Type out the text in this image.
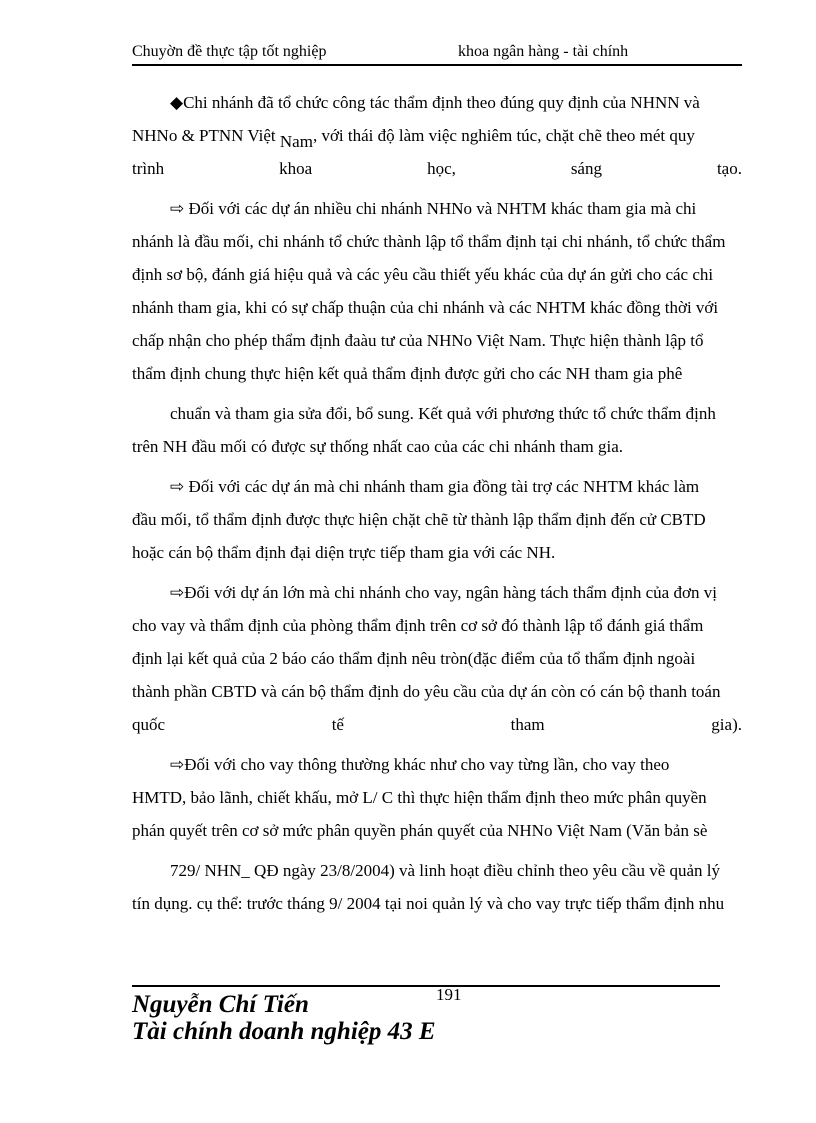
Chuyờn đề thực tập tốt nghiệp	khoa ngân hàng - tài chính
◆Chi nhánh đã tổ chức công tác thẩm định theo đúng quy định của NHNN và
NHNo & PTNN Việt $_{Nam}$, với thái độ làm việc nghiêm túc, chặt chẽ theo mét quy
trình	khoa	học,	sáng	tạo.
⇨ Đối với các dự án nhiều chi nhánh NHNo và NHTM khác tham gia mà chi
nhánh là đầu mối, chi nhánh tổ chức thành lập tổ thẩm định tại chi nhánh, tổ chức thẩm
định sơ bộ, đánh giá hiệu quả và các yêu cầu thiết yếu khác của dự án gửi cho các chi
nhánh tham gia, khi có sự chấp thuận của chi nhánh và các NHTM khác đồng thời với
chấp nhận cho phép thẩm định đaàu tư của NHNo Việt Nam. Thực hiện thành lập tổ
thẩm định chung thực hiện kết quả thẩm định được gửi cho các NH tham gia phê
chuẩn và tham gia sửa đổi, bổ sung. Kết quả với phương thức tổ chức thẩm định
trên NH đầu mối có được sự thống nhất cao của các chi nhánh tham gia.
⇨ Đối với các dự án mà chi nhánh tham gia đồng tài trợ các NHTM khác làm
đầu mối, tổ thẩm định được thực hiện chặt chẽ từ thành lập thẩm định đến cử CBTD
hoặc cán bộ thẩm định đại diện trực tiếp tham gia với các NH.
⇨Đối với dự án lớn mà chi nhánh cho vay, ngân hàng tách thẩm định của đơn vị
cho vay và thẩm định của phòng thẩm định trên cơ sở đó thành lập tổ đánh giá thẩm
định lại kết quả của 2 báo cáo thẩm định nêu tròn(đặc điểm của tổ thẩm định ngoài
thành phần CBTD và cán bộ thẩm định do yêu cầu của dự án còn có cán bộ thanh toán
quốc	tế	tham	gia).
⇨Đối với cho vay thông thường khác như cho vay từng lần, cho vay theo
HMTD, bảo lãnh, chiết khấu, mở L/ C thì thực hiện thẩm định theo mức phân quyền
phán quyết trên cơ sở mức phân quyền phán quyết của NHNo Việt Nam (Văn bản sè
729/ NHN_ QĐ ngày 23/8/2004) và linh hoạt điều chỉnh theo yêu cầu về quản lý
tín dụng. cụ thể: trước tháng 9/ 2004 tại noi quản lý và cho vay trực tiếp thẩm định nhu
191
Nguyễn Chí Tiến
Tài chính doanh nghiệp 43 E
